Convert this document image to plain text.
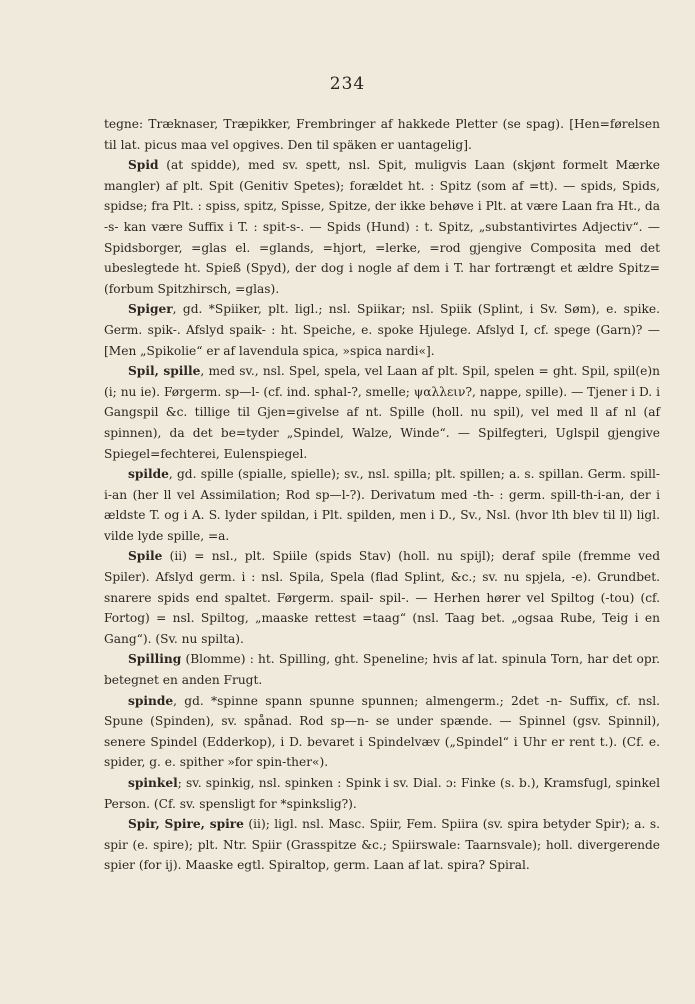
234

tegne: Træknaser, Træpikker, Frembringer af hakkede Pletter (se spag). [Hen=førelsen til lat. picus maa vel opgives. Den til späken er uantagelig].

Spid (at spidde), med sv. spett, nsl. Spit, muligvis Laan (skjønt formelt Mærke mangler) af plt. Spit (Genitiv Spetes); forældet ht. : Spitz (som af =tt). — spids, Spids, spidse; fra Plt. : spiss, spitz, Spisse, Spitze, der ikke behøve i Plt. at være Laan fra Ht., da -s- kan være Suffix i T. : spit-s-. — Spids (Hund) : t. Spitz, „substantivirtes Adjectiv“. — Spidsborger, =glas el. =glands, =hjort, =lerke, =rod gjengive Composita med det ubeslegtede ht. Spieß (Spyd), der dog i nogle af dem i T. har fortrængt et ældre Spitz= (forbum Spitzhirsch, =glas).

Spiger, gd. *Spiiker, plt. ligl.; nsl. Spiikar; nsl. Spiik (Splint, i Sv. Søm), e. spike. Germ. spik-. Afslyd spaik- : ht. Speiche, e. spoke Hjulege. Afslyd I, cf. spege (Garn)? — [Men „Spikolie“ er af lavendula spica, »spica nardi«].

Spil, spille, med sv., nsl. Spel, spela, vel Laan af plt. Spil, spelen = ght. Spil, spil(e)n (i; nu ie). Førgerm. sp—l- (cf. ind. sphal-?, smelle; ψαλλειν?, nappe, spille). — Tjener i D. i Gangspil &c. tillige til Gjen=givelse af nt. Spille (holl. nu spil), vel med ll af nl (af spinnen), da det be=tyder „Spindel, Walze, Winde“. — Spilfegteri, Uglspil gjengive Spiegel=fechterei, Eulenspiegel.

spilde, gd. spille (spialle, spielle); sv., nsl. spilla; plt. spillen; a. s. spillan. Germ. spill-i-an (her ll vel Assimilation; Rod sp—l-?). Derivatum med -th- : germ. spill-th-i-an, der i ældste T. og i A. S. lyder spildan, i Plt. spilden, men i D., Sv., Nsl. (hvor lth blev til ll) ligl. vilde lyde spille, =a.

Spile (ii) = nsl., plt. Spiile (spids Stav) (holl. nu spijl); deraf spile (fremme ved Spiler). Afslyd germ. i : nsl. Spila, Spela (flad Splint, &c.; sv. nu spjela, -e). Grundbet. snarere spids end spaltet. Førgerm. spail- spil-. — Herhen hører vel Spiltog (-tou) (cf. Fortog) = nsl. Spiltog, „maaske rettest =taag“ (nsl. Taag bet. „ogsaa Rube, Teig i en Gang“). (Sv. nu spilta).

Spilling (Blomme) : ht. Spilling, ght. Speneline; hvis af lat. spinula Torn, har det opr. betegnet en anden Frugt.

spinde, gd. *spinne spann spunne spunnen; almengerm.; 2det -n- Suffix, cf. nsl. Spune (Spinden), sv. spånad. Rod sp—n- se under spænde. — Spinnel (gsv. Spinnil), senere Spindel (Edderkop), i D. bevaret i Spindelvæv („Spindel“ i Uhr er rent t.). (Cf. e. spider, g. e. spither »for spin-ther«).

spinkel; sv. spinkig, nsl. spinken : Spink i sv. Dial. ɔ: Finke (s. b.), Kramsfugl, spinkel Person. (Cf. sv. spensligt for *spinkslig?).

Spir, Spire, spire (ii); ligl. nsl. Masc. Spiir, Fem. Spiira (sv. spira betyder Spir); a. s. spir (e. spire); plt. Ntr. Spiir (Grasspitze &c.; Spiirswale: Taarnsvale); holl. divergerende spier (for ij). Maaske egtl. Spiraltop, germ. Laan af lat. spira? Spiral.
